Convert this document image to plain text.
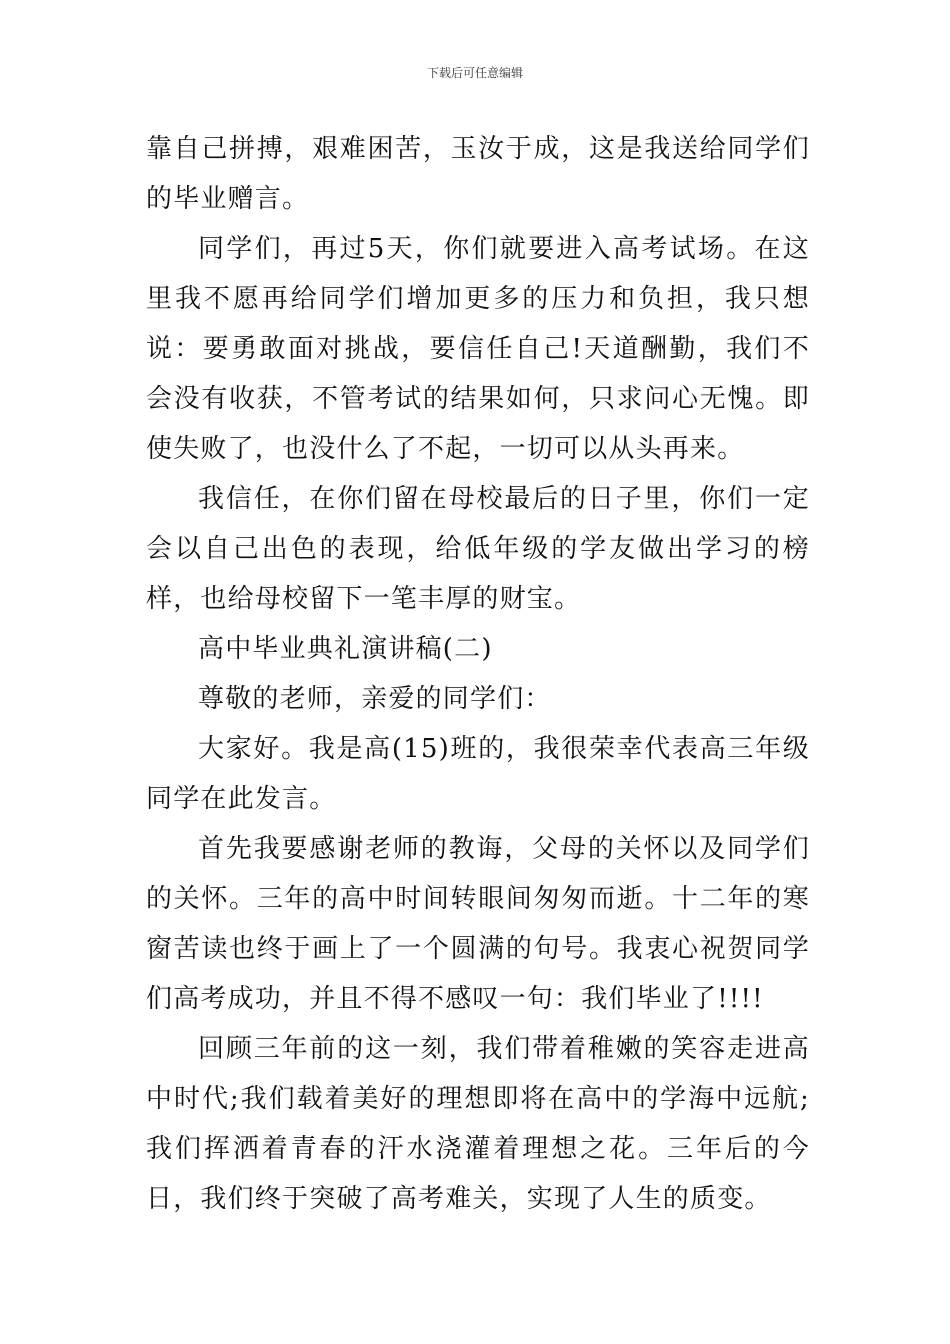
下载后可任意编辑

靠自己拼搏，艰难困苦，玉汝于成，这是我送给同学们的毕业赠言。

同学们，再过5天，你们就要进入高考试场。在这里我不愿再给同学们增加更多的压力和负担，我只想说：要勇敢面对挑战，要信任自己!天道酬勤，我们不会没有收获，不管考试的结果如何，只求问心无愧。即使失败了，也没什么了不起，一切可以从头再来。

我信任，在你们留在母校最后的日子里，你们一定会以自己出色的表现，给低年级的学友做出学习的榜样，也给母校留下一笔丰厚的财宝。

高中毕业典礼演讲稿(二)

尊敬的老师，亲爱的同学们：

大家好。我是高(15)班的，我很荣幸代表高三年级同学在此发言。

首先我要感谢老师的教诲，父母的关怀以及同学们的关怀。三年的高中时间转眼间匆匆而逝。十二年的寒窗苦读也终于画上了一个圆满的句号。我衷心祝贺同学们高考成功，并且不得不感叹一句：我们毕业了!!!!

回顾三年前的这一刻，我们带着稚嫩的笑容走进高中时代;我们载着美好的理想即将在高中的学海中远航;我们挥洒着青春的汗水浇灌着理想之花。三年后的今日，我们终于突破了高考难关，实现了人生的质变。
